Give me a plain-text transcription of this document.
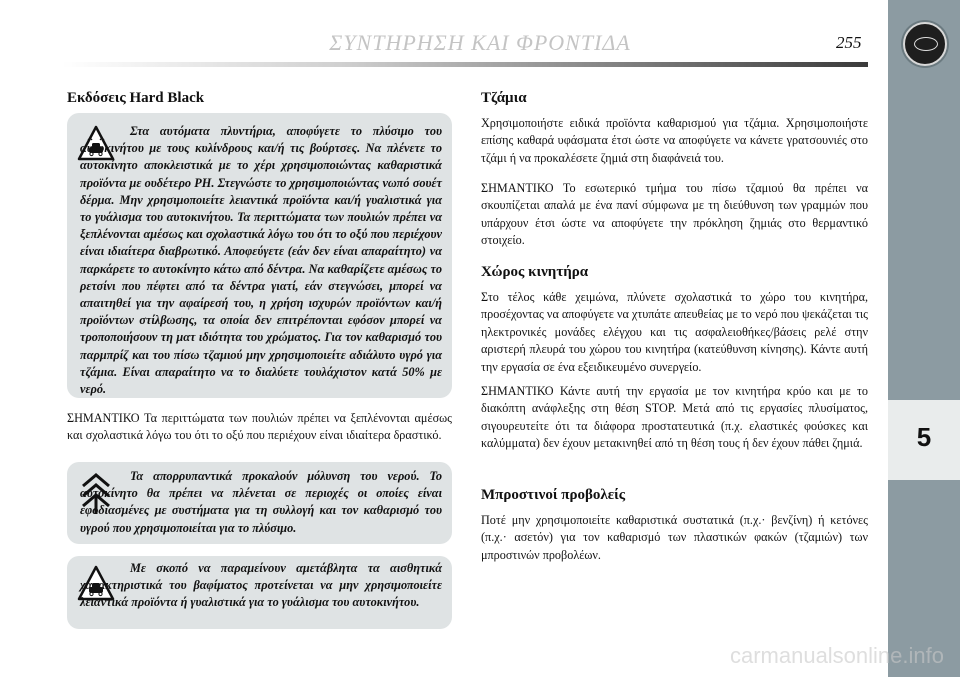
ΣΥΝΤΗΡΗΣΗ ΚΑΙ ΦΡΟΝΤΙΔΑ	255
5
Εκδόσεις Hard Black

Στα αυτόματα πλυντήρια, αποφύγετε το πλύσιμο του αυτοκινήτου με τους κυλίνδρους και/ή τις βούρτσες. Να πλένετε το αυτοκίνητο αποκλειστικά με το χέρι χρησιμοποιώντας καθαριστικά προϊόντα με ουδέτερο PH. Στεγνώστε το χρησιμοποιώντας νωπό σουέτ δέρμα. Μην χρησιμοποιείτε λειαντικά προϊόντα και/ή γυαλιστικά για το γυάλισμα του αυτοκινήτου. Τα περιττώματα των πουλιών πρέπει να ξεπλένονται αμέσως και σχολαστικά λόγω του ότι το οξύ που περιέχουν είναι ιδιαίτερα διαβρωτικό. Αποφεύγετε (εάν δεν είναι απαραίτητο) να παρκάρετε το αυτοκίνητο κάτω από δέντρα. Να καθαρίζετε αμέσως το ρετσίνι που πέφτει από τα δέντρα γιατί, εάν στεγνώσει, μπορεί να απαιτηθεί για την αφαίρεσή του, η χρήση ισχυρών προϊόντων και/ή προϊόντων στίλβωσης, τα οποία δεν επιτρέπονται εφόσον μπορεί να τροποποιήσουν τη ματ ιδιότητα του χρώματος. Για τον καθαρισμό του παρμπρίζ και του πίσω τζαμιού μην χρησιμοποιείτε αδιάλυτο υγρό για τζάμια. Είναι απαραίτητο να το διαλύετε τουλάχιστον κατά 50% με νερό.

ΣΗΜΑΝΤΙΚΟ Τα περιττώματα των πουλιών πρέπει να ξεπλένονται αμέσως και σχολαστικά λόγω του ότι το οξύ που περιέχουν είναι ιδιαίτερα δραστικό.

Τα απορρυπαντικά προκαλούν μόλυνση του νερού. Το αυτοκίνητο θα πρέπει να πλένεται σε περιοχές οι οποίες είναι εφοδιασμένες με συστήματα για τη συλλογή και τον καθαρισμό του υγρού που χρησιμοποιείται για το πλύσιμο.

Με σκοπό να παραμείνουν αμετάβλητα τα αισθητικά χαρακτηριστικά του βαφίματος προτείνεται να μην χρησιμοποιείτε λειαντικά προϊόντα ή γυαλιστικά για το γυάλισμα του αυτοκινήτου.

Τζάμια

Χρησιμοποιήστε ειδικά προϊόντα καθαρισμού για τζάμια. Χρησιμοποιήστε επίσης καθαρά υφάσματα έτσι ώστε να αποφύγετε να κάνετε γρατσουνιές στο τζάμι ή να προκαλέσετε ζημιά στη διαφάνειά του.

ΣΗΜΑΝΤΙΚΟ Το εσωτερικό τμήμα του πίσω τζαμιού θα πρέπει να σκουπίζεται απαλά με ένα πανί σύμφωνα με τη διεύθυνση των γραμμών που υπάρχουν έτσι ώστε να αποφύγετε την πρόκληση ζημιάς στο θερμαντικό στοιχείο.

Χώρος κινητήρα

Στο τέλος κάθε χειμώνα, πλύνετε σχολαστικά το χώρο του κινητήρα, προσέχοντας να αποφύγετε να χτυπάτε απευθείας με το νερό που ψεκάζεται τις ηλεκτρονικές μονάδες ελέγχου και τις ασφαλειοθήκες/βάσεις ρελέ στην αριστερή πλευρά του χώρου του κινητήρα (κατεύθυνση κίνησης). Κάντε αυτή την εργασία σε ένα εξειδικευμένο συνεργείο.

ΣΗΜΑΝΤΙΚΟ Κάντε αυτή την εργασία με τον κινητήρα κρύο και με το διακόπτη ανάφλεξης στη θέση STOP. Μετά από τις εργασίες πλυσίματος, σιγουρευτείτε ότι τα διάφορα προστατευτικά (π.χ. ελαστικές φούσκες και καλύμματα) δεν έχουν μετακινηθεί από τη θέση τους ή δεν έχουν πάθει ζημιά.

Μπροστινοί προβολείς

Ποτέ μην χρησιμοποιείτε καθαριστικά συστατικά (π.χ.· βενζίνη) ή κετόνες (π.χ.· ασετόν) για τον καθαρισμό των πλαστικών φακών (τζαμιών) των μπροστινών προβολέων.

carmanualsonline.info
